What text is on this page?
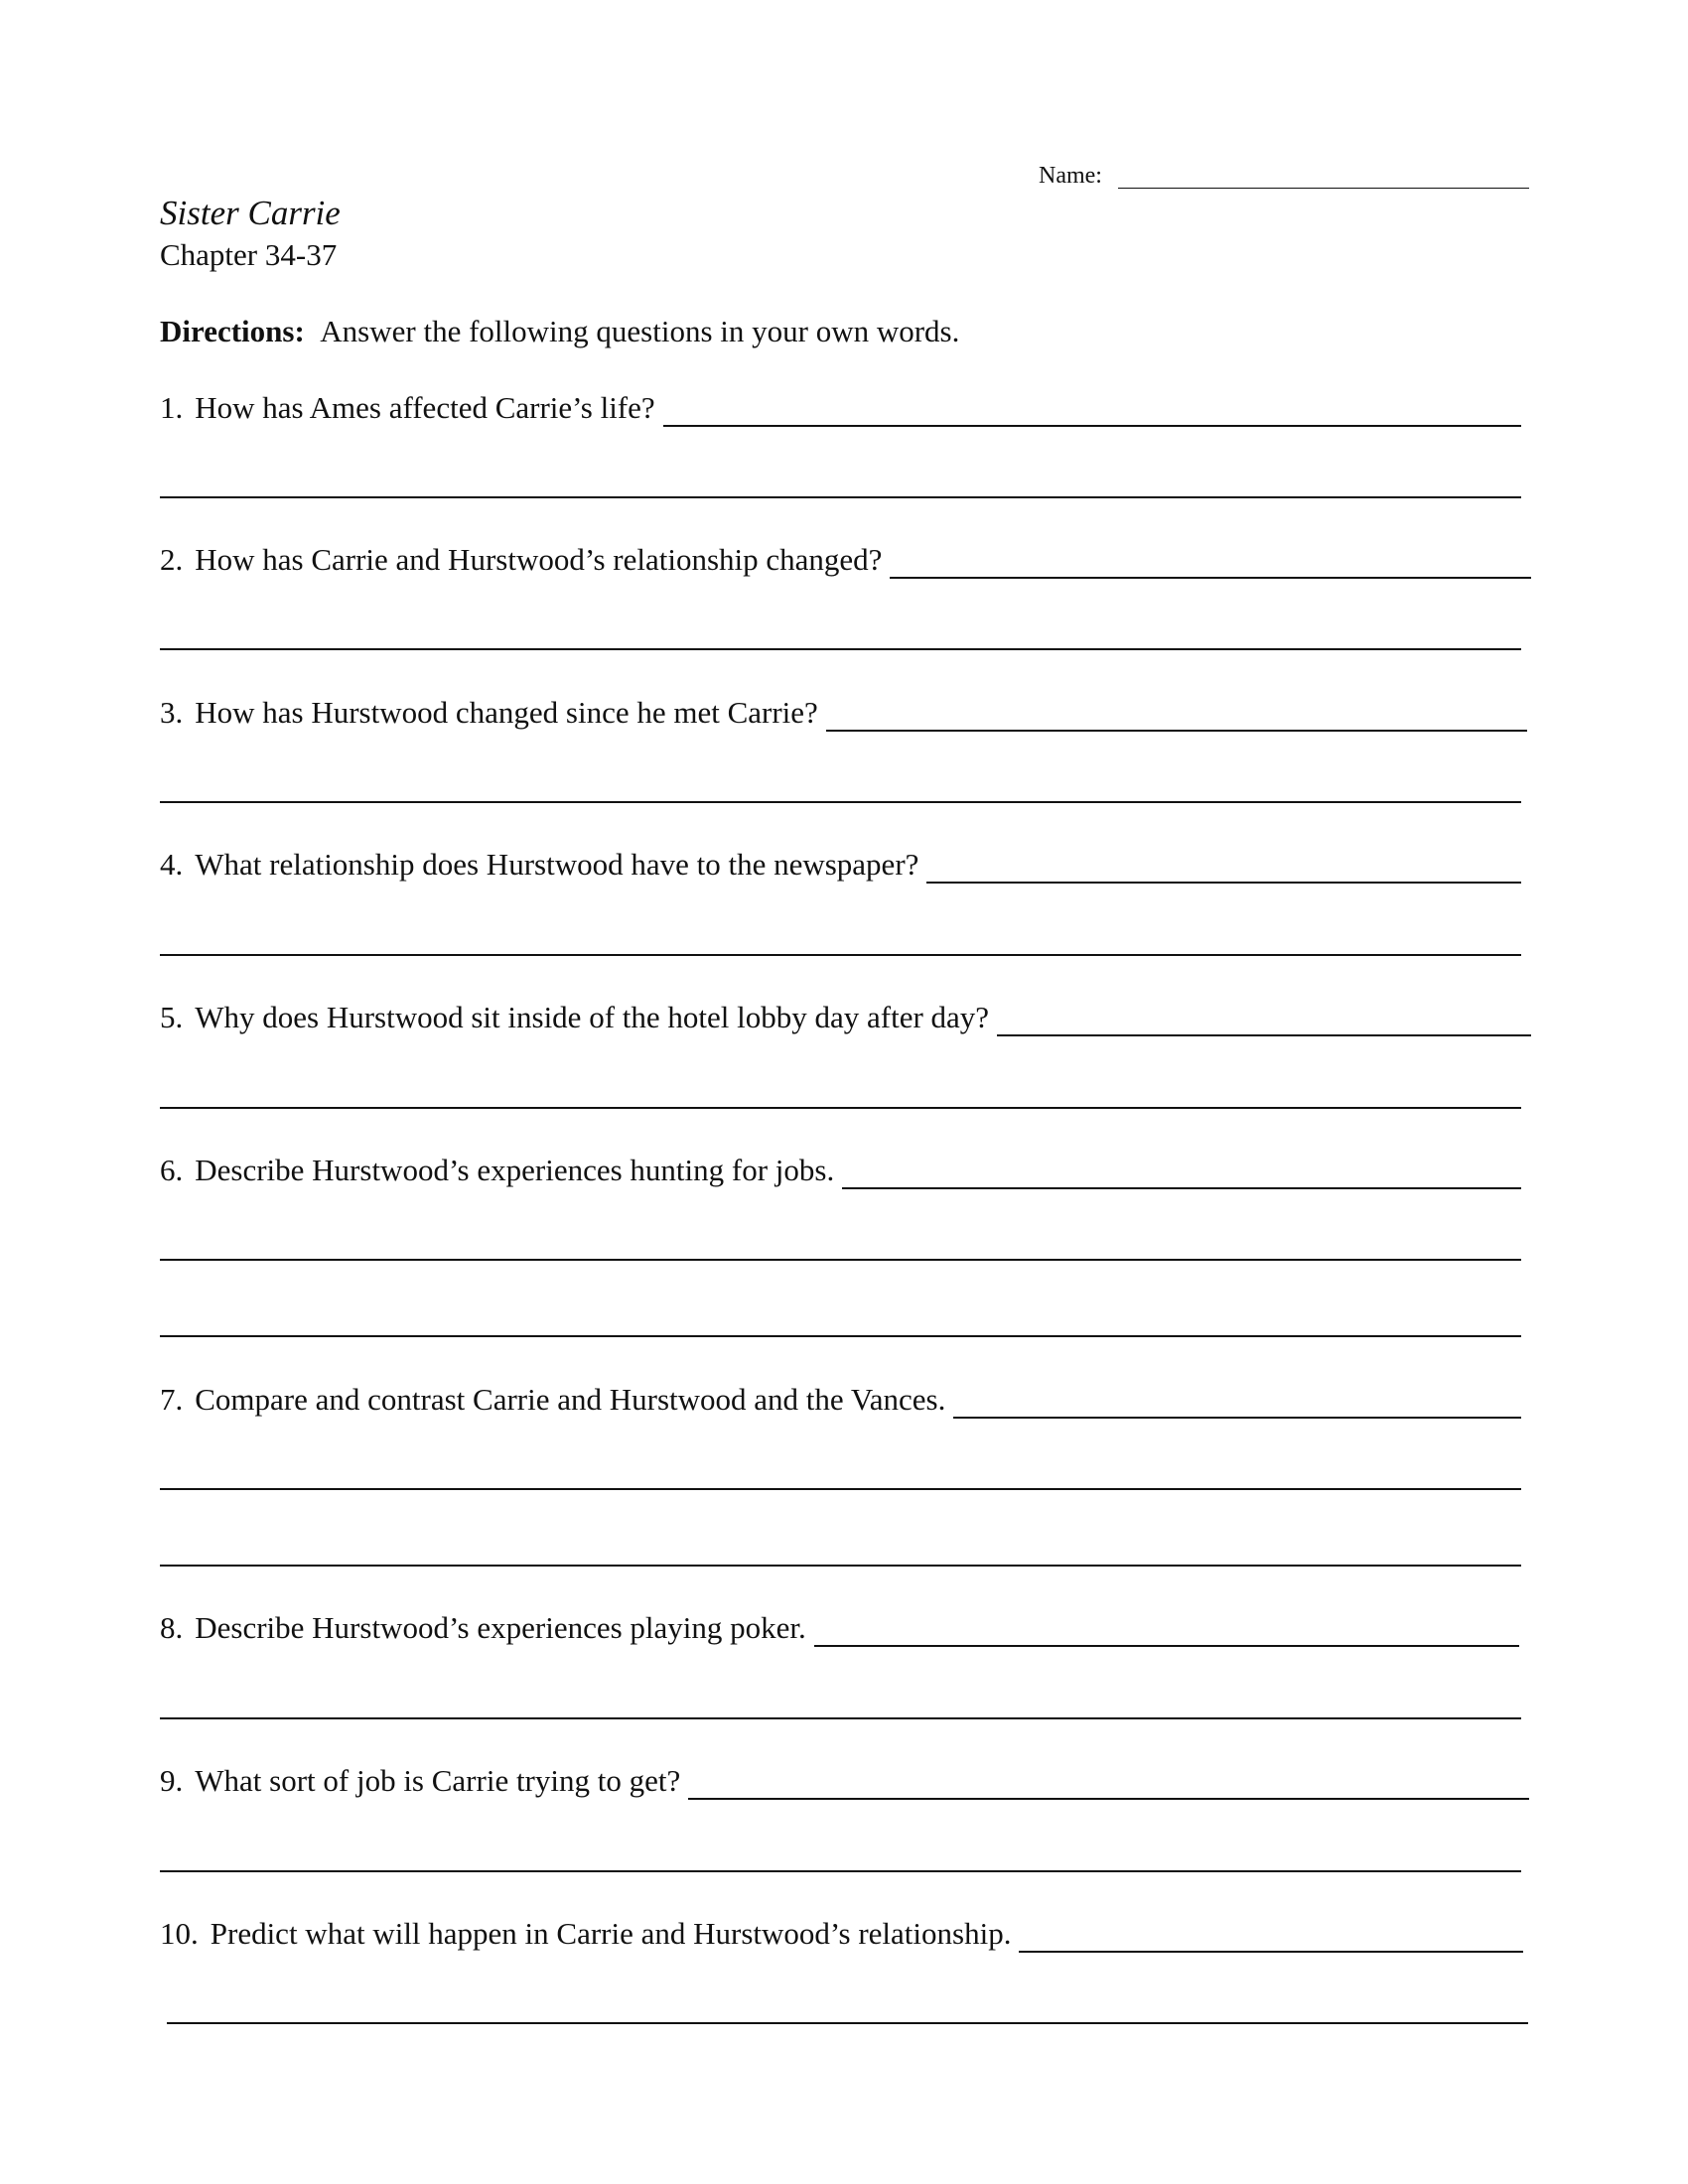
Name:
Sister Carrie
Chapter 34-37
Directions: Answer the following questions in your own words.
1. How has Ames affected Carrie’s life?
2. How has Carrie and Hurstwood’s relationship changed?
3. How has Hurstwood changed since he met Carrie?
4. What relationship does Hurstwood have to the newspaper?
5. Why does Hurstwood sit inside of the hotel lobby day after day?
6. Describe Hurstwood’s experiences hunting for jobs.
7. Compare and contrast Carrie and Hurstwood and the Vances.
8. Describe Hurstwood’s experiences playing poker.
9. What sort of job is Carrie trying to get?
10. Predict what will happen in Carrie and Hurstwood’s relationship.
